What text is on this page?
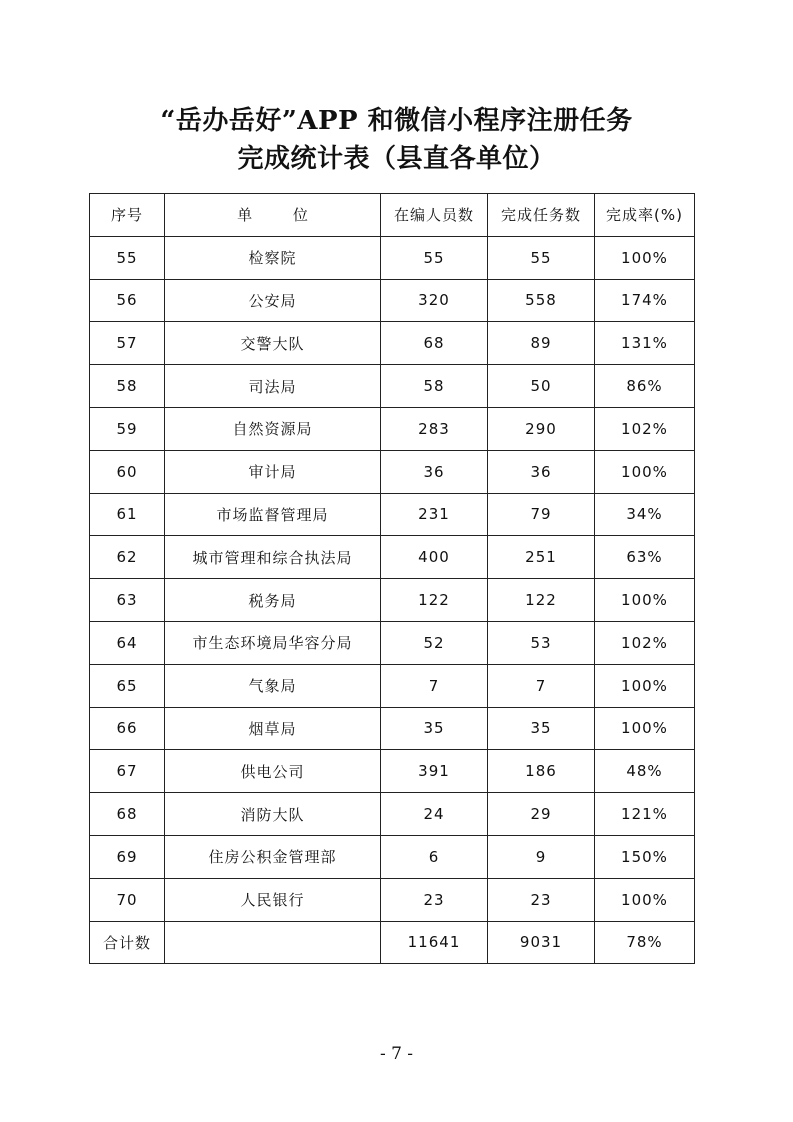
“岳办岳好”APP 和微信小程序注册任务
完成统计表（县直各单位）
序号	单 位	在编人员数	完成任务数	完成率(%)
55	检察院	55	55	100%
56	公安局	320	558	174%
57	交警大队	68	89	131%
58	司法局	58	50	86%
59	自然资源局	283	290	102%
60	审计局	36	36	100%
61	市场监督管理局	231	79	34%
62	城市管理和综合执法局	400	251	63%
63	税务局	122	122	100%
64	市生态环境局华容分局	52	53	102%
65	气象局	7	7	100%
66	烟草局	35	35	100%
67	供电公司	391	186	48%
68	消防大队	24	29	121%
69	住房公积金管理部	6	9	150%
70	人民银行	23	23	100%
合计数		11641	9031	78%
- 7 -
